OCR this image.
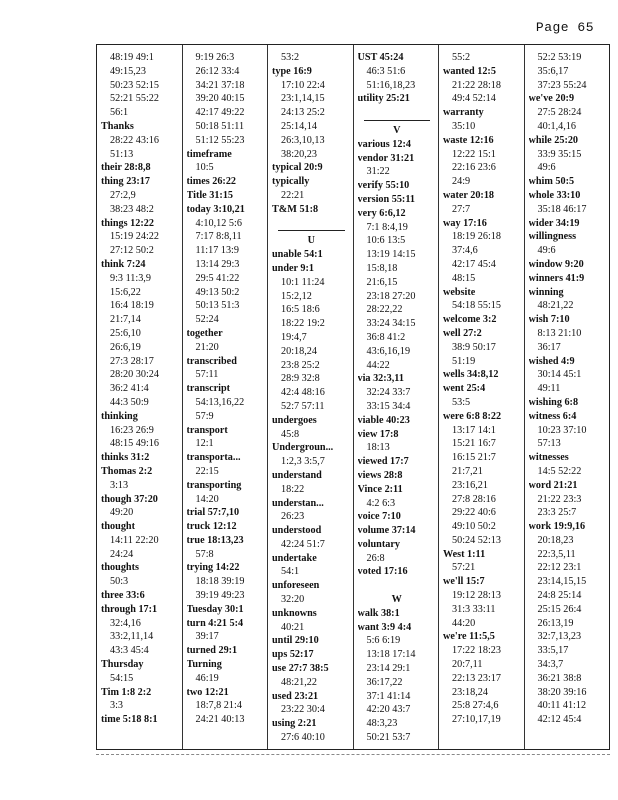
Page 65
48:19 49:1
49:15,23
50:23 52:15
52:21 55:22
56:1
Thanks
28:22 43:16
51:13
their 28:8,8
thing 23:17
27:2,9
38:23 48:2
things 12:22
15:19 24:22
27:12 50:2
think 7:24
9:3 11:3,9
15:6,22
16:4 18:19
21:7,14
25:6,10
26:6,19
27:3 28:17
28:20 30:24
36:2 41:4
44:3 50:9
thinking
16:23 26:9
48:15 49:16
thinks 31:2
Thomas 2:2
3:13
though 37:20
49:20
thought
14:11 22:20
24:24
thoughts
50:3
three 33:6
through 17:1
32:4,16
33:2,11,14
43:3 45:4
Thursday
54:15
Tim 1:8 2:2
3:3
time 5:18 8:1
9:19 26:3
26:12 33:4
34:21 37:18
39:20 40:15
42:17 49:22
50:18 51:11
51:12 55:23
timeframe
10:5
times 26:22
Title 31:15
today 3:10,21
4:10,12 5:6
7:17 8:8,11
11:17 13:9
13:14 29:3
29:5 41:22
49:13 50:2
50:13 51:3
52:24
together
21:20
transcribed
57:11
transcript
54:13,16,22
57:9
transport
12:1
transporta...
22:15
transporting
14:20
trial 57:7,10
truck 12:12
true 18:13,23
57:8
trying 14:22
18:18 39:19
39:19 49:23
Tuesday 30:1
turn 4:21 5:4
39:17
turned 29:1
Turning
46:19
two 12:21
18:7,8 21:4
24:21 40:13
53:2
type 16:9
17:10 22:4
23:1,14,15
24:13 25:2
25:14,14
26:3,10,13
38:20,23
typical 20:9
typically
22:21
T&M 51:8

U
unable 54:1
under 9:1
10:1 11:24
15:2,12
16:5 18:6
18:22 19:2
19:4,7
20:18,24
23:8 25:2
28:9 32:8
42:4 48:16
52:7 57:11
undergoes
45:8
Undergroun...
1:2,3 3:5,7
understand
18:22
understan...
26:23
understood
42:24 51:7
undertake
54:1
unforeseen
32:20
unknowns
40:21
until 29:10
ups 52:17
use 27:7 38:5
48:21,22
used 23:21
23:22 30:4
using 2:21
27:6 40:10
UST 45:24
46:3 51:6
51:16,18,23
utility 25:21

V
various 12:4
vendor 31:21
31:22
verify 55:10
version 55:11
very 6:6,12
7:1 8:4,19
10:6 13:5
13:19 14:15
15:8,18
21:6,15
23:18 27:20
28:22,22
33:24 34:15
36:8 41:2
43:6,16,19
44:22
via 32:3,11
32:24 33:7
33:15 34:4
viable 40:23
view 17:8
18:13
viewed 17:7
views 28:8
Vince 2:11
4:2 6:3
voice 7:10
volume 37:14
voluntary
26:8
voted 17:16

W
walk 38:1
want 3:9 4:4
5:6 6:19
13:18 17:14
23:14 29:1
36:17,22
37:1 41:14
42:20 43:7
48:3,23
50:21 53:7
55:2
wanted 12:5
21:22 28:18
49:4 52:14
warranty
35:10
waste 12:16
12:22 15:1
22:16 23:6
24:9
water 20:18
27:7
way 17:16
18:19 26:18
37:4,6
42:17 45:4
48:15
website
54:18 55:15
welcome 3:2
well 27:2
38:9 50:17
51:19
wells 34:8,12
went 25:4
53:5
were 6:8 8:22
13:17 14:1
15:21 16:7
16:15 21:7
21:7,21
23:16,21
27:8 28:16
29:22 40:6
49:10 50:2
50:24 52:13
West 1:11
57:21
we'll 15:7
19:12 28:13
31:3 33:11
44:20
we're 11:5,5
17:22 18:23
20:7,11
22:13 23:17
23:18,24
25:8 27:4,6
27:10,17,19
52:2 53:19
35:6,17
37:23 55:24
we've 20:9
27:5 28:24
40:1,4,16
while 25:20
33:9 35:15
49:6
whim 50:5
whole 33:10
35:18 46:17
wider 34:19
willingness
49:6
window 9:20
winners 41:9
winning
48:21,22
wish 7:10
8:13 21:10
36:17
wished 4:9
30:14 45:1
49:11
wishing 6:8
witness 6:4
10:23 37:10
57:13
witnesses
14:5 52:22
word 21:21
21:22 23:3
23:3 25:7
work 19:9,16
20:18,23
22:3,5,11
22:12 23:1
23:14,15,15
24:8 25:14
25:15 26:4
26:13,19
32:7,13,23
33:5,17
34:3,7
36:21 38:8
38:20 39:16
40:11 41:12
42:12 45:4
